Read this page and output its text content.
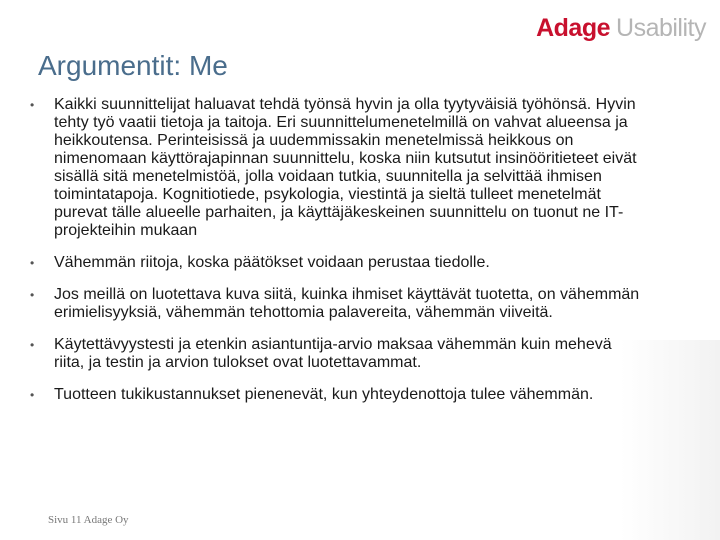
Adage Usability
Argumentit: Me
• Kaikki suunnittelijat haluavat tehdä työnsä hyvin ja olla tyytyväisiä työhönsä. Hyvin tehty työ vaatii tietoja ja taitoja. Eri suunnittelumenetelmillä on vahvat alueensa ja heikkoutensa. Perinteisissä ja uudemmissakin menetelmissä heikkous on nimenomaan käyttörajapinnan suunnittelu, koska niin kutsutut insinööritieteet eivät sisällä sitä menetelmistöä, jolla voidaan tutkia, suunnitella ja selvittää ihmisen toimintatapoja. Kognitiotiede, psykologia, viestintä ja sieltä tulleet menetelmät purevat tälle alueelle parhaiten, ja käyttäjäkeskeinen suunnittelu on tuonut ne IT-projekteihin mukaan
• Vähemmän riitoja, koska päätökset voidaan perustaa tiedolle.
• Jos meillä on luotettava kuva siitä, kuinka ihmiset käyttävät tuotetta, on vähemmän erimielisyyksiä, vähemmän tehottomia palavereita, vähemmän viiveitä.
• Käytettävyystesti ja etenkin asiantuntija-arvio maksaa vähemmän kuin mehevä riita, ja testin ja arvion tulokset ovat luotettavammat.
• Tuotteen tukikustannukset pienenevät, kun yhteydenottoja tulee vähemmän.
Sivu 11 Adage Oy
